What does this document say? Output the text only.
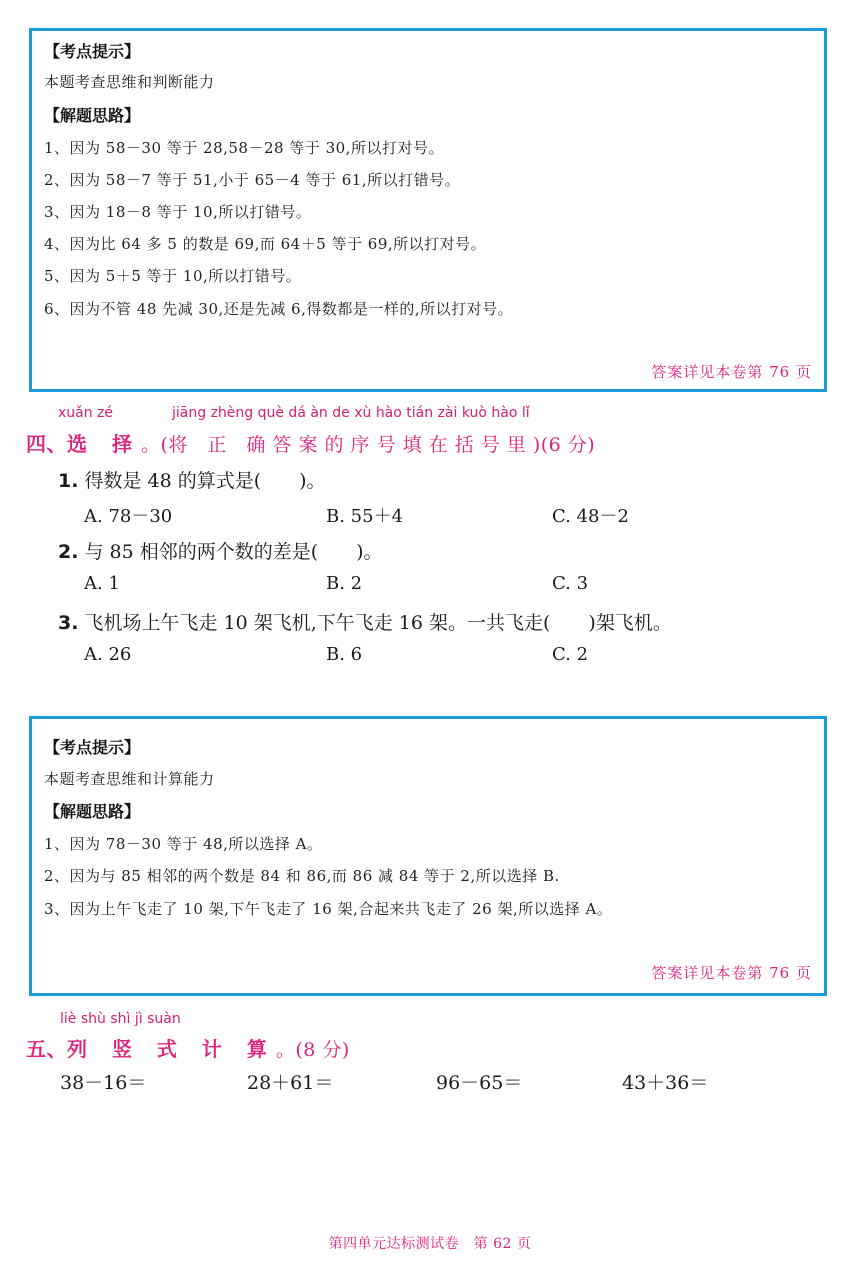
【考点提示】
本题考查思维和判断能力
【解题思路】
1、因为 58－30 等于 28,58－28 等于 30,所以打对号。
2、因为 58－7 等于 51,小于 65－4 等于 61,所以打错号。
3、因为 18－8 等于 10,所以打错号。
4、因为比 64 多 5 的数是 69,而 64＋5 等于 69,所以打对号。
5、因为 5＋5 等于 10,所以打错号。
6、因为不管 48 先减 30,还是先减 6,得数都是一样的,所以打对号。
答案详见本卷第 76 页
xuǎn zé	jiāng zhèng què dá àn de xù hào tián zài kuò hào lǐ
四、选 择。(将　正　确 答 案 的 序 号 填 在 括 号 里 )(6 分)
1. 得数是 48 的算式是(　　)。
A. 78－30	B. 55＋4	C. 48－2
2. 与 85 相邻的两个数的差是(　　)。
A. 1	B. 2	C. 3
3. 飞机场上午飞走 10 架飞机,下午飞走 16 架。一共飞走(　　)架飞机。
A. 26	B. 6	C. 2
【考点提示】
本题考查思维和计算能力
【解题思路】
1、因为 78－30 等于 48,所以选择 A。
2、因为与 85 相邻的两个数是 84 和 86,而 86 减 84 等于 2,所以选择 B.
3、因为上午飞走了 10 架,下午飞走了 16 架,合起来共飞走了 26 架,所以选择 A。
答案详见本卷第 76 页
liè shù shì jì suàn
五、列 竖 式 计 算。(8 分)
38－16＝	28＋61＝	96－65＝	43＋36＝
第四单元达标测试卷　第 62 页
